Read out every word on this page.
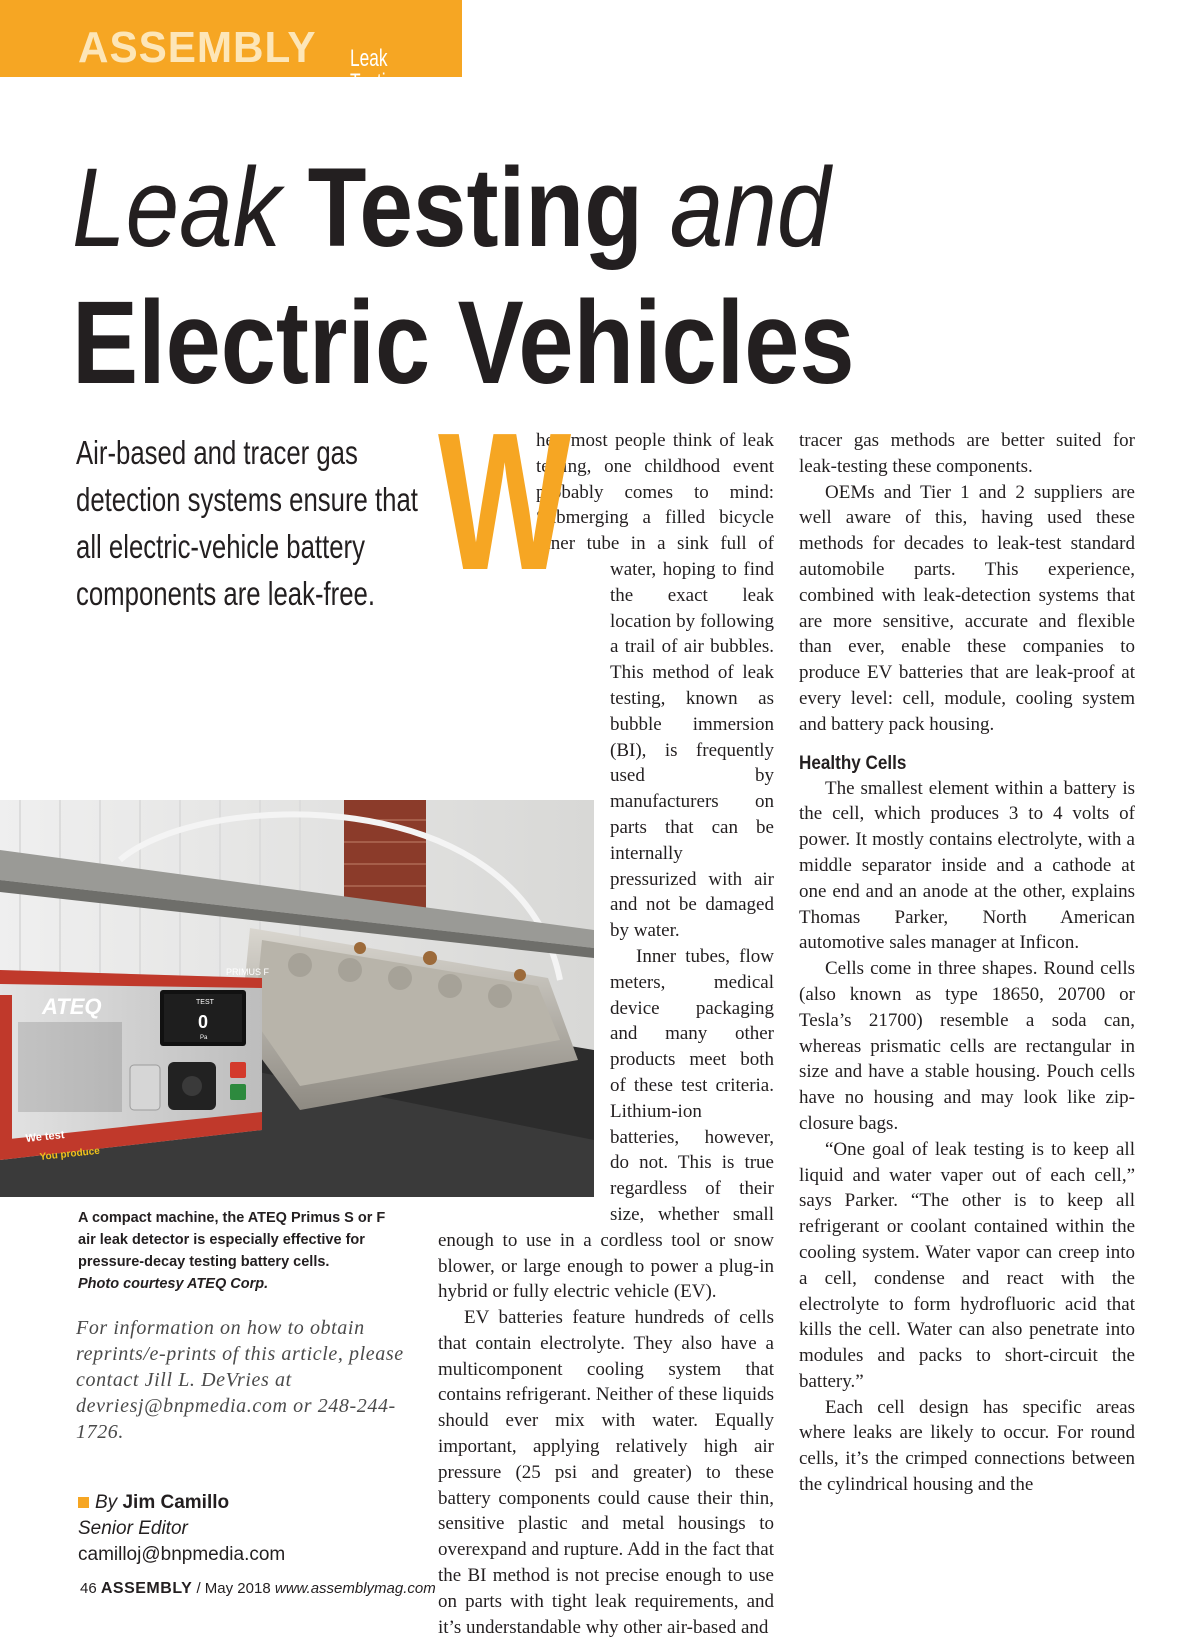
ASSEMBLY Leak Testing
Leak Testing and
Electric Vehicles
Air-based and tracer gas detection systems ensure that all electric-vehicle battery components are leak-free. W

hen most people think of leak testing, one childhood event probably comes to mind: Submerging a filled bicycle inner tube in a sink full of water, hoping to find the exact leak location by following a trail of air bubbles. This method of leak testing, known as bubble immersion (BI), is frequently used by manufacturers on parts that can be internally pressurized with air and not be damaged by water.

Inner tubes, flow meters, medical device packaging and many other products meet both of these test criteria. Lithium-ion batteries, however, do not. This is true regardless of their size, whether small enough to use in a cordless tool or snow blower, or large enough to power a plug-in hybrid or fully electric vehicle (EV).

EV batteries feature hundreds of cells that contain electrolyte. They also have a multicomponent cooling system that contains refrigerant. Neither of these liquids should ever mix with water. Equally important, applying relatively high air pressure (25 psi and greater) to these battery components could cause their thin, sensitive plastic and metal housings to overexpand and rupture. Add in the fact that the BI method is not precise enough to use on parts with tight leak requirements, and it’s understandable why other air-based and

tracer gas methods are better suited for leak-testing these components.

OEMs and Tier 1 and 2 suppliers are well aware of this, having used these methods for decades to leak-test standard automobile parts. This experience, combined with leak-detection systems that are more sensitive, accurate and flexible than ever, enable these companies to produce EV batteries that are leak-proof at every level: cell, module, cooling system and battery pack housing.

Healthy Cells

The smallest element within a battery is the cell, which produces 3 to 4 volts of power. It mostly contains electrolyte, with a middle separator inside and a cathode at one end and an anode at the other, explains Thomas Parker, North American automotive sales manager at Inficon.

Cells come in three shapes. Round cells (also known as type 18650, 20700 or Tesla’s 21700) resemble a soda can, whereas prismatic cells are rectangular in size and have a stable housing. Pouch cells have no housing and may look like zip-closure bags.

“One goal of leak testing is to keep all liquid and water vaper out of each cell,” says Parker. “The other is to keep all refrigerant or coolant contained within the cooling system. Water vapor can creep into a cell, condense and react with the electrolyte to form hydrofluoric acid that kills the cell. Water can also penetrate into modules and packs to short-circuit the battery.”

Each cell design has specific areas where leaks are likely to occur. For round cells, it’s the crimped connections between the cylindrical housing and the

PRIMUS F
ATEQ	TEST
0
Pa
We test
You produce
A compact machine, the ATEQ Primus S or F air leak detector is especially effective for pressure-decay testing battery cells.
Photo courtesy ATEQ Corp.
For information on how to obtain reprints/e-prints of this article, please contact Jill L. DeVries at devriesj@bnpmedia.com or 248-244-1726.
By Jim Camillo
Senior Editor
camilloj@bnpmedia.com
46 ASSEMBLY / May 2018 www.assemblymag.com
